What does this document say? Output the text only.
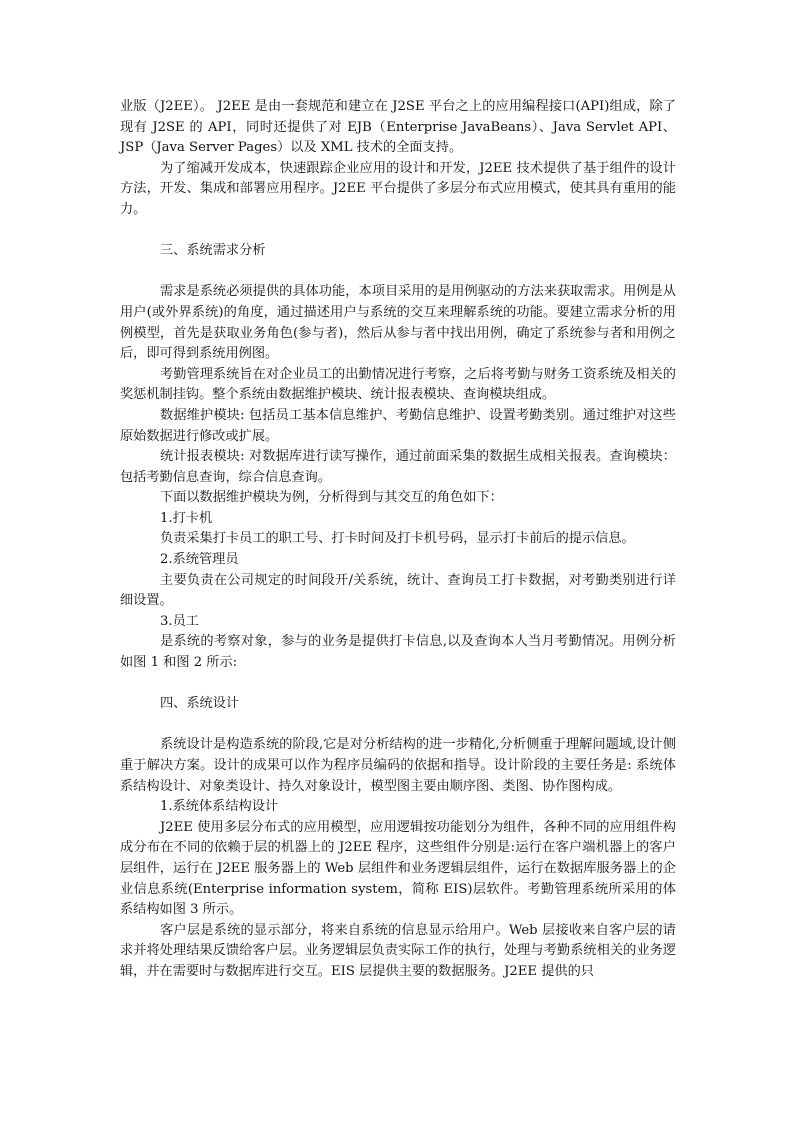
业版（J2EE）。 J2EE 是由一套规范和建立在 J2SE 平台之上的应用编程接口(API)组成，除了现有 J2SE 的 API，同时还提供了对 EJB（Enterprise JavaBeans）、Java Servlet API、JSP（Java Server Pages）以及 XML 技术的全面支持。

为了缩减开发成本，快速跟踪企业应用的设计和开发，J2EE 技术提供了基于组件的设计方法，开发、集成和部署应用程序。J2EE 平台提供了多层分布式应用模式，使其具有重用的能力。

三、系统需求分析

需求是系统必须提供的具体功能，本项目采用的是用例驱动的方法来获取需求。用例是从用户(或外界系统)的角度，通过描述用户与系统的交互来理解系统的功能。要建立需求分析的用例模型，首先是获取业务角色(参与者)，然后从参与者中找出用例，确定了系统参与者和用例之后，即可得到系统用例图。

考勤管理系统旨在对企业员工的出勤情况进行考察，之后将考勤与财务工资系统及相关的奖惩机制挂钩。整个系统由数据维护模块、统计报表模块、查询模块组成。

数据维护模块: 包括员工基本信息维护、考勤信息维护、设置考勤类别。通过维护对这些原始数据进行修改或扩展。

统计报表模块: 对数据库进行读写操作，通过前面采集的数据生成相关报表。查询模块：包括考勤信息查询，综合信息查询。

下面以数据维护模块为例，分析得到与其交互的角色如下：

1.打卡机

负责采集打卡员工的职工号、打卡时间及打卡机号码，显示打卡前后的提示信息。

2.系统管理员

主要负责在公司规定的时间段开/关系统，统计、查询员工打卡数据，对考勤类别进行详细设置。

3.员工

是系统的考察对象，参与的业务是提供打卡信息,以及查询本人当月考勤情况。用例分析如图 1 和图 2 所示:

四、系统设计

系统设计是构造系统的阶段,它是对分析结构的进一步精化,分析侧重于理解问题域,设计侧重于解决方案。设计的成果可以作为程序员编码的依据和指导。设计阶段的主要任务是: 系统体系结构设计、对象类设计、持久对象设计，模型图主要由顺序图、类图、协作图构成。

1.系统体系结构设计

J2EE 使用多层分布式的应用模型，应用逻辑按功能划分为组件，各种不同的应用组件构成分布在不同的依赖于层的机器上的 J2EE 程序，这些组件分别是:运行在客户端机器上的客户层组件，运行在 J2EE 服务器上的 Web 层组件和业务逻辑层组件，运行在数据库服务器上的企业信息系统(Enterprise information system，简称 EIS)层软件。考勤管理系统所采用的体系结构如图 3 所示。

客户层是系统的显示部分，将来自系统的信息显示给用户。Web 层接收来自客户层的请求并将处理结果反馈给客户层。业务逻辑层负责实际工作的执行，处理与考勤系统相关的业务逻辑，并在需要时与数据库进行交互。EIS 层提供主要的数据服务。J2EE 提供的只
